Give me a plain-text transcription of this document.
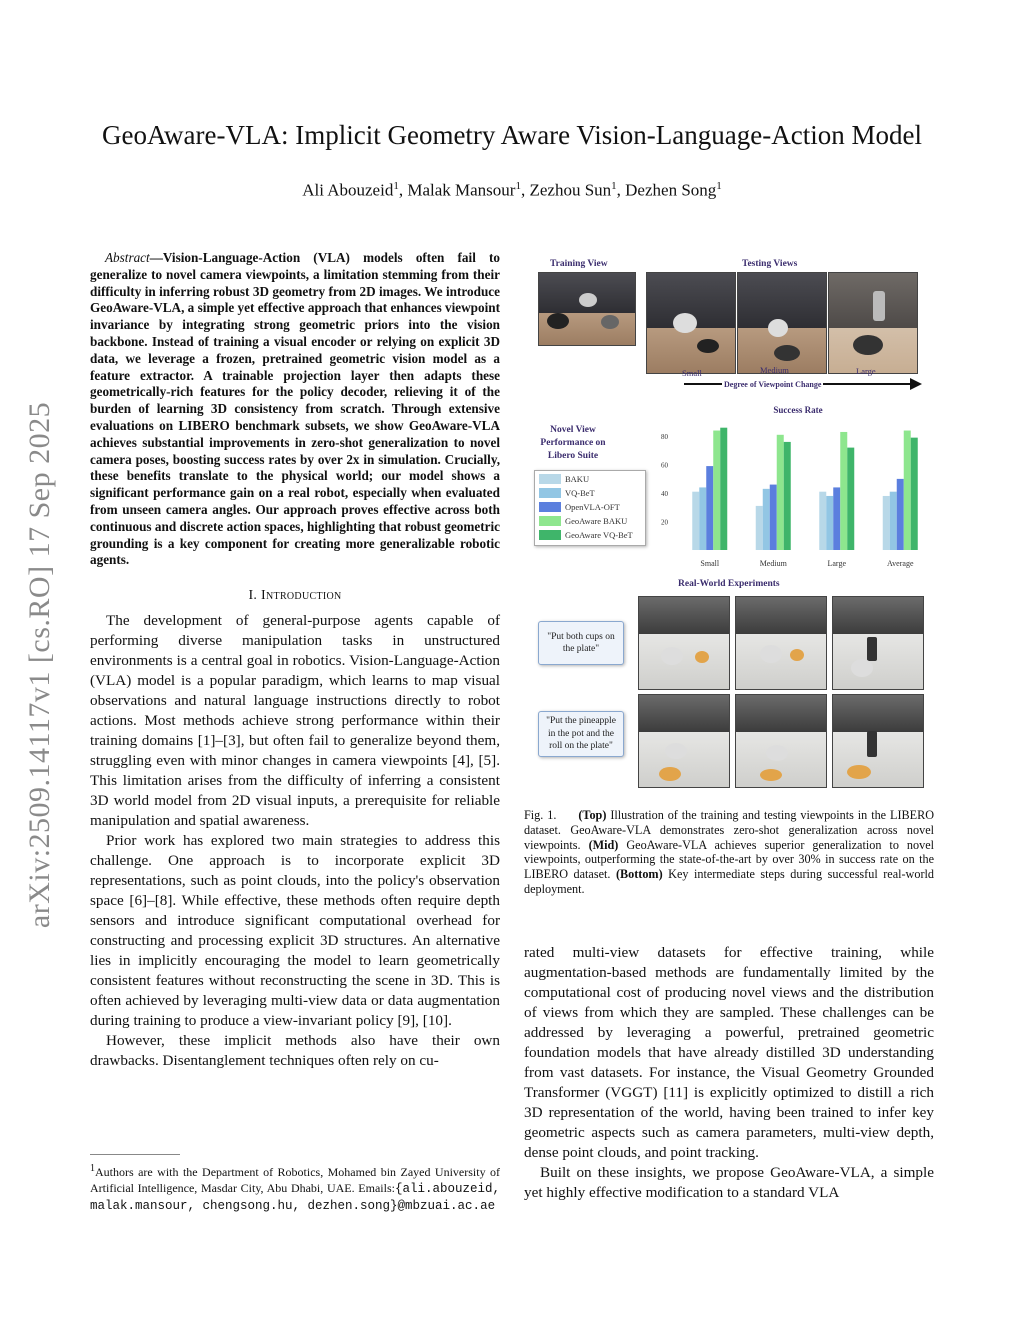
arXiv:2509.14117v1 [cs.RO] 17 Sep 2025
GeoAware-VLA: Implicit Geometry Aware Vision-Language-Action Model
Ali Abouzeid$^1$, Malak Mansour$^1$, Zezhou Sun$^1$, Dezhen Song$^1$

Abstract—Vision-Language-Action (VLA) models often fail to generalize to novel camera viewpoints, a limitation stemming from their difficulty in inferring robust 3D geometry from 2D images. We introduce GeoAware-VLA, a simple yet effective approach that enhances viewpoint invariance by integrating strong geometric priors into the vision backbone. Instead of training a visual encoder or relying on explicit 3D data, we leverage a frozen, pretrained geometric vision model as a feature extractor. A trainable projection layer then adapts these geometrically-rich features for the policy decoder, relieving it of the burden of learning 3D consistency from scratch. Through extensive evaluations on LIBERO benchmark subsets, we show GeoAware-VLA achieves substantial improvements in zero-shot generalization to novel camera poses, boosting success rates by over 2x in simulation. Crucially, these benefits translate to the physical world; our model shows a significant performance gain on a real robot, especially when evaluated from unseen camera angles. Our approach proves effective across both continuous and discrete action spaces, highlighting that robust geometric grounding is a key component for creating more generalizable robotic agents.

I. Introduction

The development of general-purpose agents capable of performing diverse manipulation tasks in unstructured environments is a central goal in robotics. Vision-Language-Action (VLA) model is a popular paradigm, which learns to map visual observations and natural language instructions directly to robot actions. Most methods achieve strong performance within their training domains [1]–[3], but often fail to generalize beyond them, struggling even with minor changes in camera viewpoints [4], [5]. This limitation arises from the difficulty of inferring a consistent 3D world model from 2D visual inputs, a prerequisite for reliable manipulation and spatial awareness.

Prior work has explored two main strategies to address this challenge. One approach is to incorporate explicit 3D representations, such as point clouds, into the policy's observation space [6]–[8]. While effective, these methods often require depth sensors and introduce significant computational overhead for constructing and processing explicit 3D structures. An alternative lies in implicitly encouraging the model to learn geometrically consistent features without reconstructing the scene in 3D. This is often achieved by leveraging multi-view data or data augmentation during training to produce a view-invariant policy [9], [10].

However, these implicit methods also have their own drawbacks. Disentanglement techniques often rely on cu-

$^1$Authors are with the Department of Robotics, Mohamed bin Zayed University of Artificial Intelligence, Masdar City, Abu Dhabi, UAE. Emails:{ali.abouzeid, malak.mansour, chengsong.hu, dezhen.song}@mbzuai.ac.ae
Training View	Testing Views
Small	Medium	Large
Degree of Viewpoint Change
Novel View Performance on Libero Suite
BAKU
VQ-BeT
OpenVLA-OFT
GeoAware BAKU
GeoAware VQ-BeT
Success Rate
20
40
60
80
Small	Medium	Large	Average
Real-World Experiments
"Put both cups on the plate"
"Put the pineapple in the pot and the roll on the plate"
Fig. 1. (Top) Illustration of the training and testing viewpoints in the LIBERO dataset. GeoAware-VLA demonstrates zero-shot generalization across novel viewpoints. (Mid) GeoAware-VLA achieves superior generalization to novel viewpoints, outperforming the state-of-the-art by over 30% in success rate on the LIBERO dataset. (Bottom) Key intermediate steps during successful real-world deployment.

rated multi-view datasets for effective training, while augmentation-based methods are fundamentally limited by the computational cost of producing novel views and the distribution of views from which they are sampled. These challenges can be addressed by leveraging a powerful, pretrained geometric foundation models that have already distilled 3D understanding from vast datasets. For instance, the Visual Geometry Grounded Transformer (VGGT) [11] is explicitly optimized to distill a rich 3D representation of the world, having been trained to infer key geometric aspects such as camera parameters, multi-view depth, dense point clouds, and point tracking.

Built on these insights, we propose GeoAware-VLA, a simple yet highly effective modification to a standard VLA
